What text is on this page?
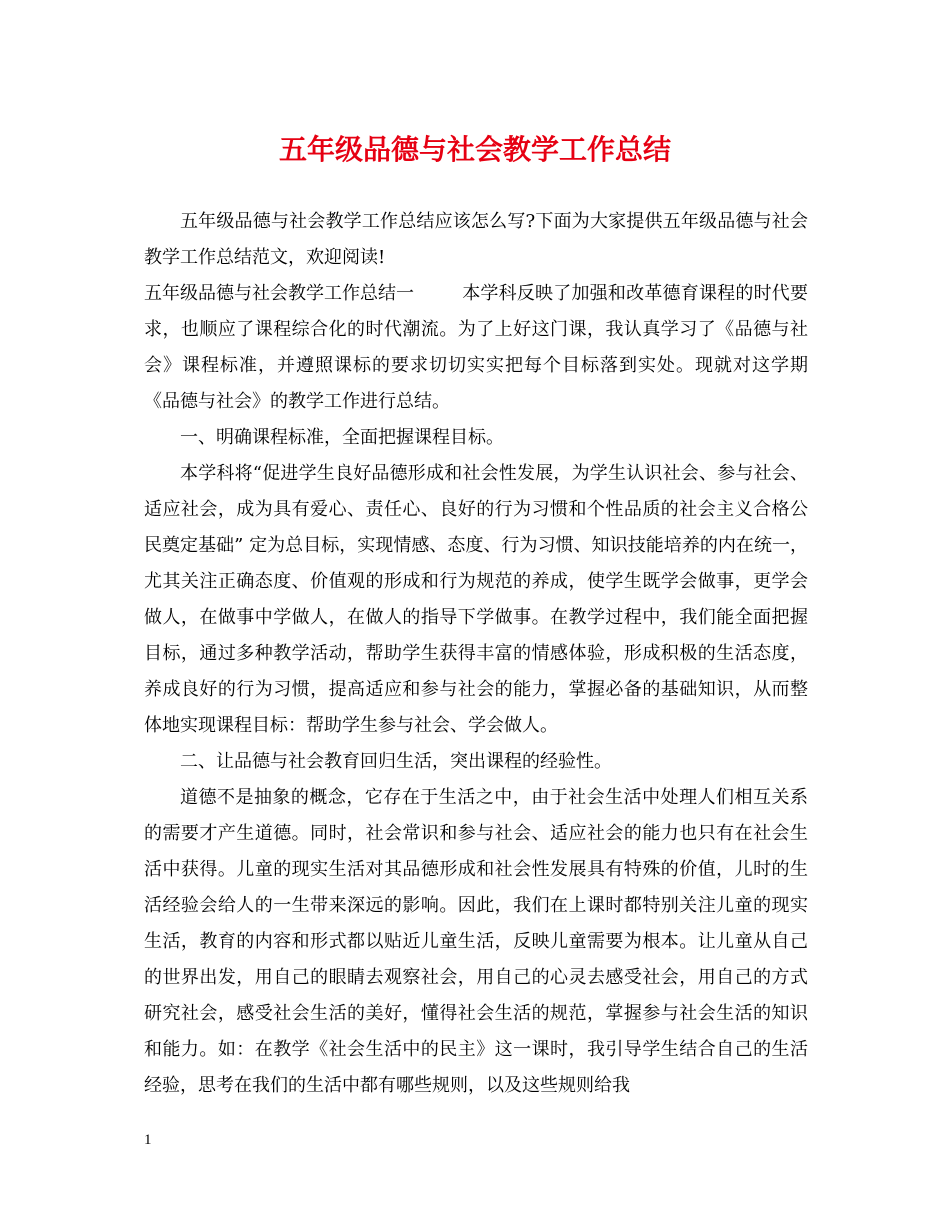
五年级品德与社会教学工作总结

五年级品德与社会教学工作总结应该怎么写?下面为大家提供五年级品德与社会教学工作总结范文，欢迎阅读!

五年级品德与社会教学工作总结一	本学科反映了加强和改革德育课程的时代要求，也顺应了课程综合化的时代潮流。为了上好这门课，我认真学习了《品德与社会》课程标准，并遵照课标的要求切切实实把每个目标落到实处。现就对这学期《品德与社会》的教学工作进行总结。

一、明确课程标准，全面把握课程目标。

本学科将“促进学生良好品德形成和社会性发展，为学生认识社会、参与社会、适应社会，成为具有爱心、责任心、良好的行为习惯和个性品质的社会主义合格公民奠定基础” 定为总目标，实现情感、态度、行为习惯、知识技能培养的内在统一，尤其关注正确态度、价值观的形成和行为规范的养成，使学生既学会做事，更学会做人，在做事中学做人，在做人的指导下学做事。在教学过程中，我们能全面把握目标，通过多种教学活动，帮助学生获得丰富的情感体验，形成积极的生活态度，养成良好的行为习惯，提高适应和参与社会的能力，掌握必备的基础知识，从而整体地实现课程目标：帮助学生参与社会、学会做人。

二、让品德与社会教育回归生活，突出课程的经验性。

道德不是抽象的概念，它存在于生活之中，由于社会生活中处理人们相互关系的需要才产生道德。同时，社会常识和参与社会、适应社会的能力也只有在社会生活中获得。儿童的现实生活对其品德形成和社会性发展具有特殊的价值，儿时的生活经验会给人的一生带来深远的影响。因此，我们在上课时都特别关注儿童的现实生活，教育的内容和形式都以贴近儿童生活，反映儿童需要为根本。让儿童从自己的世界出发，用自己的眼睛去观察社会，用自己的心灵去感受社会，用自己的方式研究社会，感受社会生活的美好，懂得社会生活的规范，掌握参与社会生活的知识和能力。如：在教学《社会生活中的民主》这一课时，我引导学生结合自己的生活经验，思考在我们的生活中都有哪些规则，以及这些规则给我

1
